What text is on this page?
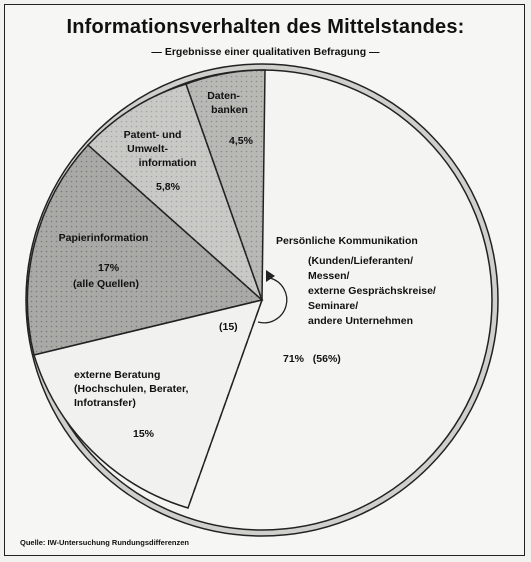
Persönliche Kommunikation
(Kunden/Lieferanten/ Messen/ externe Gesprächskreise/ Seminare/ andere Unternehmen
71%   (56%)
(15)
externe Beratung (Hochschulen, Berater, Infotransfer)
15%
Papierinformation 17% (alle Quellen)
Patent- und Umwelt- information 5,8%
Daten- banken 4,5%
Informationsverhalten des Mittelstandes:
— Ergebnisse einer qualitativen Befragung —
Quelle: IW-Untersuchung Rundungsdifferenzen
